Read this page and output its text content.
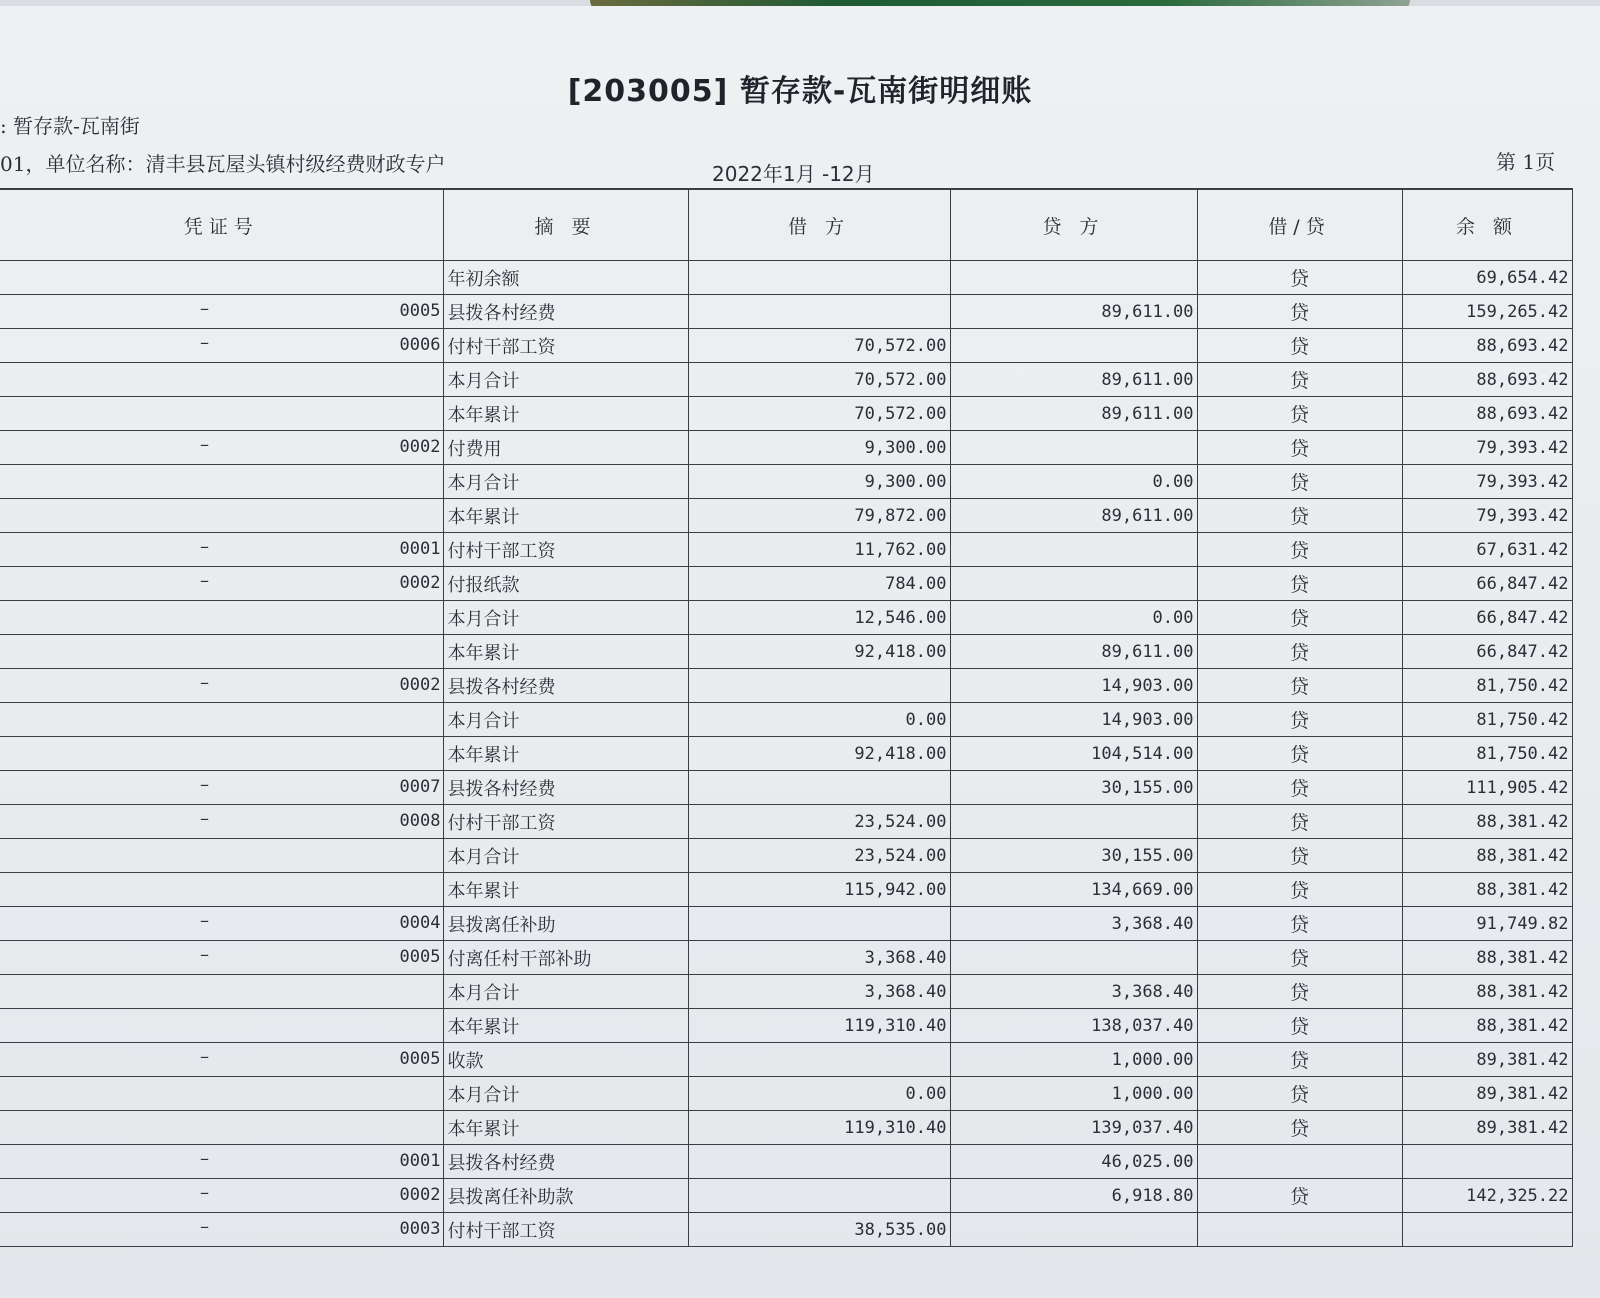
[203005] 暂存款-瓦南街明细账
: 暂存款-瓦南街
01，单位名称：清丰县瓦屋头镇村级经费财政专户	2022年1月 -12月	第 1页
凭证号	摘 要	借 方	贷 方	借/贷	余 额

	年初余额			贷	69,654.42

– 0005	县拨各村经费		89,611.00	贷	159,265.42

– 0006	付村干部工资	70,572.00		贷	88,693.42

	本月合计	70,572.00	89,611.00	贷	88,693.42

	本年累计	70,572.00	89,611.00	贷	88,693.42

– 0002	付费用	9,300.00		贷	79,393.42

	本月合计	9,300.00	0.00	贷	79,393.42

	本年累计	79,872.00	89,611.00	贷	79,393.42

– 0001	付村干部工资	11,762.00		贷	67,631.42

– 0002	付报纸款	784.00		贷	66,847.42

	本月合计	12,546.00	0.00	贷	66,847.42

	本年累计	92,418.00	89,611.00	贷	66,847.42

– 0002	县拨各村经费		14,903.00	贷	81,750.42

	本月合计	0.00	14,903.00	贷	81,750.42

	本年累计	92,418.00	104,514.00	贷	81,750.42

– 0007	县拨各村经费		30,155.00	贷	111,905.42

– 0008	付村干部工资	23,524.00		贷	88,381.42

	本月合计	23,524.00	30,155.00	贷	88,381.42

	本年累计	115,942.00	134,669.00	贷	88,381.42

– 0004	县拨离任补助		3,368.40	贷	91,749.82

– 0005	付离任村干部补助	3,368.40		贷	88,381.42

	本月合计	3,368.40	3,368.40	贷	88,381.42

	本年累计	119,310.40	138,037.40	贷	88,381.42

– 0005	收款		1,000.00	贷	89,381.42

	本月合计	0.00	1,000.00	贷	89,381.42

	本年累计	119,310.40	139,037.40	贷	89,381.42

– 0001	县拨各村经费		46,025.00		

– 0002	县拨离任补助款		6,918.80	贷	142,325.22

– 0003	付村干部工资	38,535.00			
